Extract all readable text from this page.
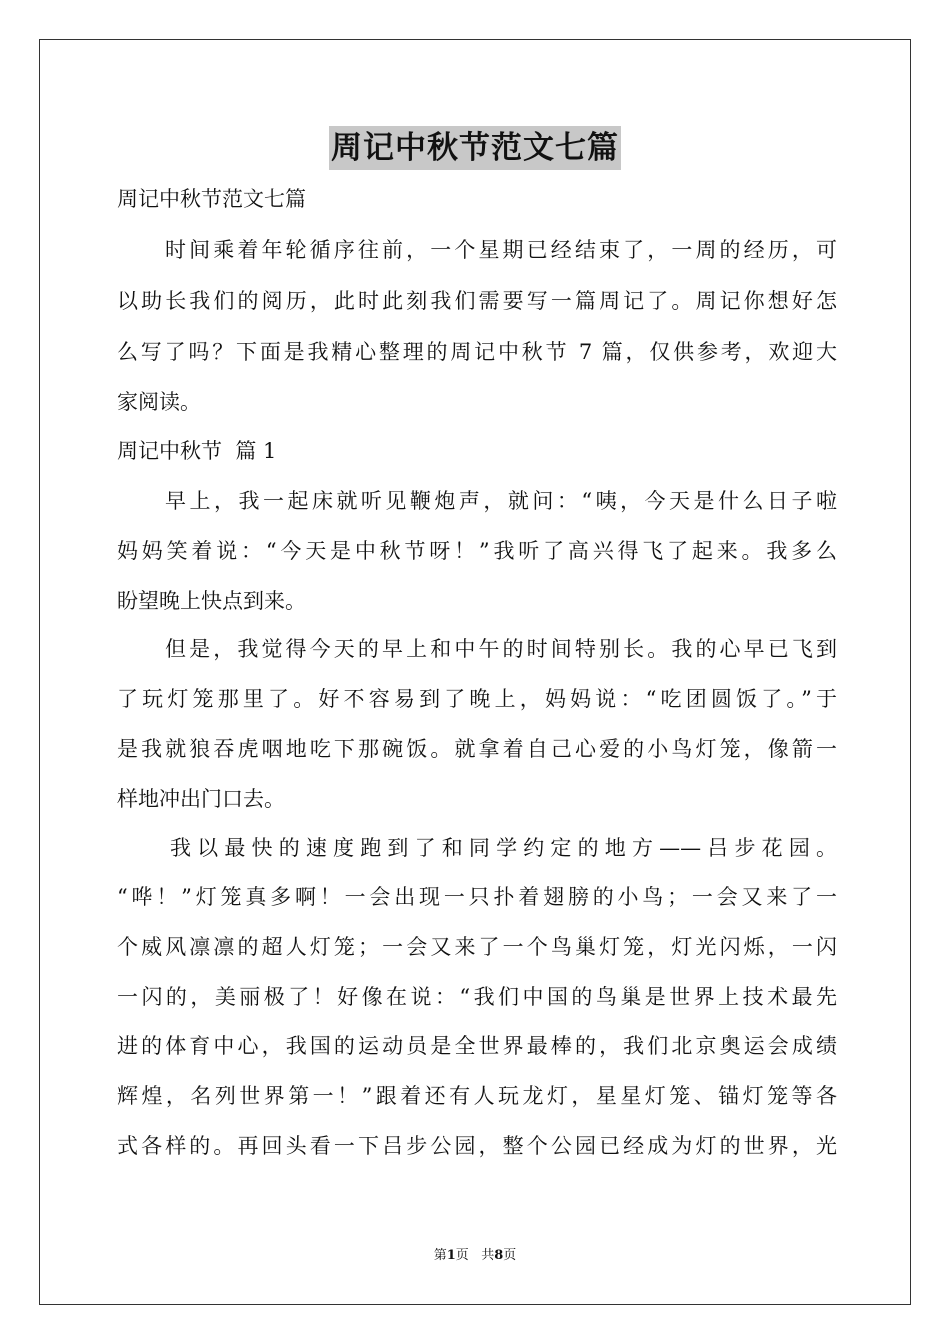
周记中秋节范文七篇
周记中秋节范文七篇
时间乘着年轮循序往前，一个星期已经结束了，一周的经历，可
以助长我们的阅历，此时此刻我们需要写一篇周记了。周记你想好怎
么写了吗？下面是我精心整理的周记中秋节 7 篇，仅供参考，欢迎大
家阅读。
周记中秋节  篇 1
早上，我一起床就听见鞭炮声，就问：“咦，今天是什么日子啦
妈妈笑着说：“今天是中秋节呀！”我听了高兴得飞了起来。我多么
盼望晚上快点到来。
但是，我觉得今天的早上和中午的时间特别长。我的心早已飞到
了玩灯笼那里了。好不容易到了晚上，妈妈说：“吃团圆饭了。”于
是我就狼吞虎咽地吃下那碗饭。就拿着自己心爱的小鸟灯笼，像箭一
样地冲出门口去。
我以最快的速度跑到了和同学约定的地方——吕步花园。
“哗！”灯笼真多啊！一会出现一只扑着翅膀的小鸟；一会又来了一
个威风凛凛的超人灯笼；一会又来了一个鸟巢灯笼，灯光闪烁，一闪
一闪的，美丽极了！好像在说：“我们中国的鸟巢是世界上技术最先
进的体育中心，我国的运动员是全世界最棒的，我们北京奥运会成绩
辉煌，名列世界第一！”跟着还有人玩龙灯，星星灯笼、锚灯笼等各
式各样的。再回头看一下吕步公园，整个公园已经成为灯的世界，光
第1页 共8页
